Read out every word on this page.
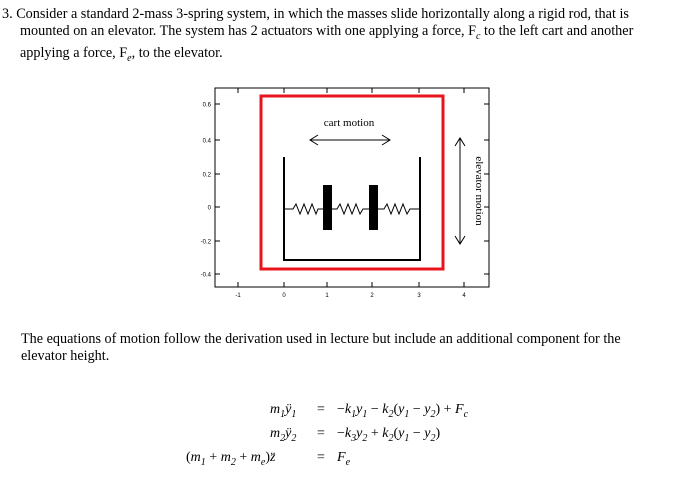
3. Consider a standard 2-mass 3-spring system, in which the masses slide horizontally along a rigid rod, that is
mounted on an elevator. The system has 2 actuators with one applying a force, $F_c$ to the left cart and another
applying a force, $F_e$, to the elevator.
0.6
0.4
0.2
0
-0.2
-0.4
-1	0	1	2	3	4
cart motion
elevator motion
The equations of motion follow the derivation used in lecture but include an additional component for the
elevator height.
$m_1ÿ_1 = -k_1y_1 - k_2(y_1 - y_2) + F_c$
$m_2ÿ_2 = -k_3y_2 + k_2(y_1 - y_2)$
($m_1 + m_2$ + $m_e)z̈$	= $F_e$
